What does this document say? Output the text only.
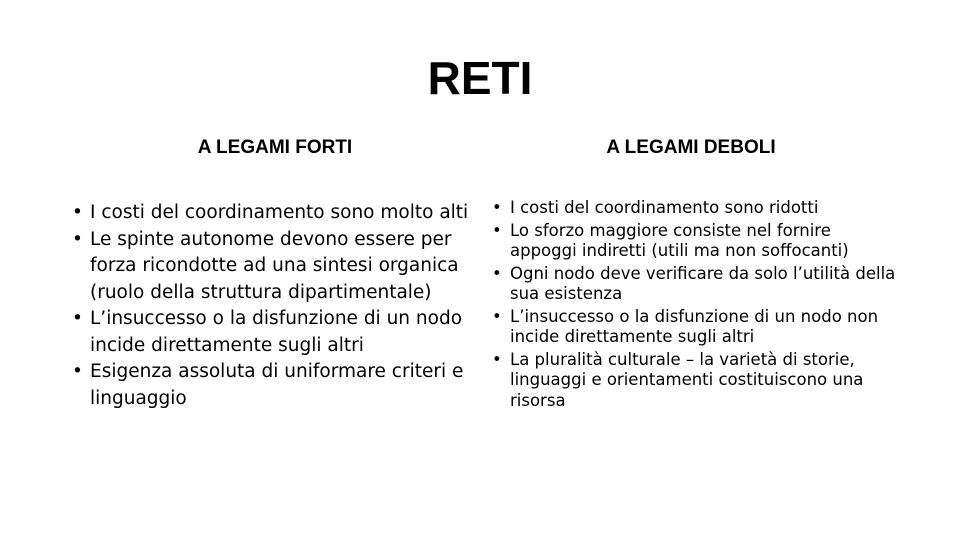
RETI
A LEGAMI FORTI	A LEGAMI DEBOLI
• I costi del coordinamento sono molto alti
• Le spinte autonome devono essere per forza ricondotte ad una sintesi organica (ruolo della struttura dipartimentale)
• L’insuccesso o la disfunzione di un nodo incide direttamente sugli altri
• Esigenza assoluta di uniformare criteri e linguaggio
• I costi del coordinamento sono ridotti
• Lo sforzo maggiore consiste nel fornire appoggi indiretti (utili ma non soffocanti)
• Ogni nodo deve verificare da solo l’utilità della sua esistenza
• L’insuccesso o la disfunzione di un nodo non incide direttamente sugli altri
• La pluralità culturale – la varietà di storie, linguaggi e orientamenti costituiscono una risorsa
